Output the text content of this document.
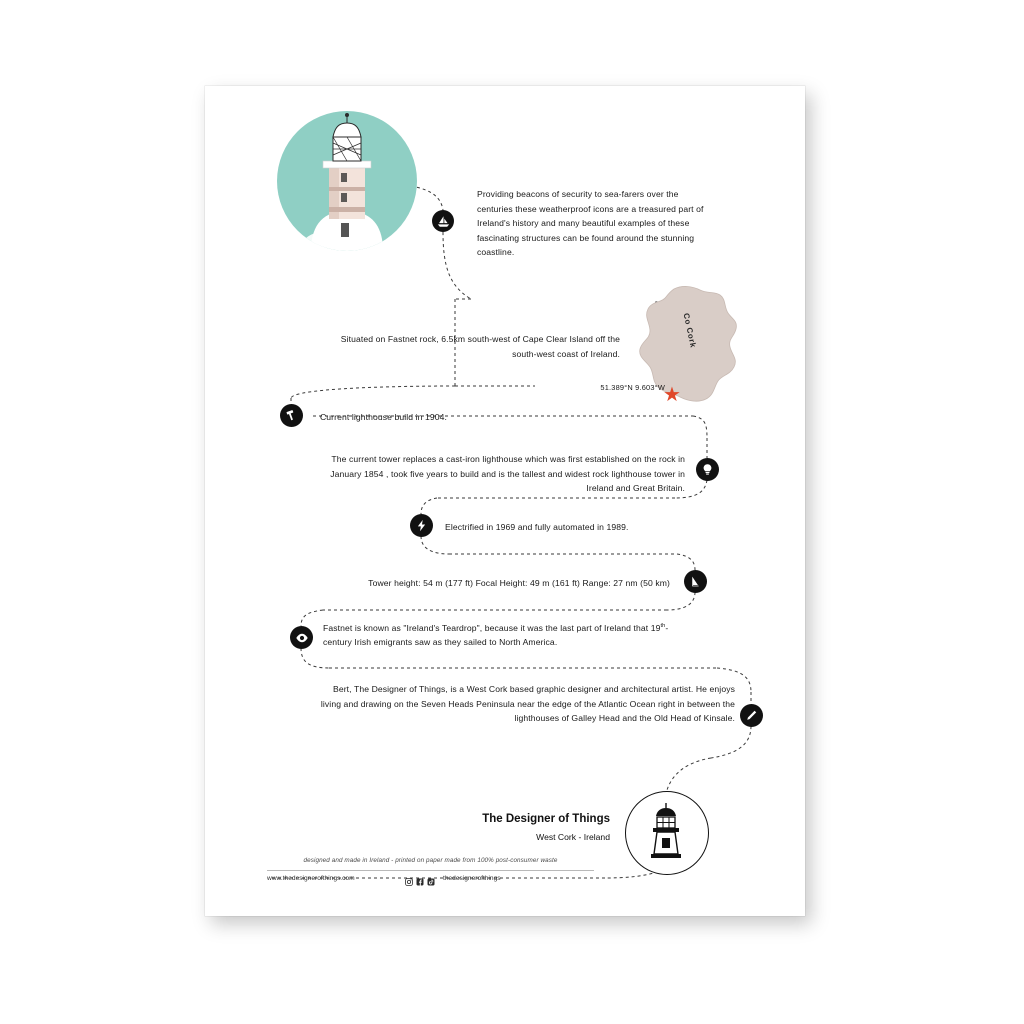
Providing beacons of security to sea-farers over the centuries these weatherproof icons are a treasured part of Ireland's history and many beautiful examples of these fascinating structures can be found around the stunning coastline.
Co Cork
★
Situated on Fastnet rock, 6.5km south-west of Cape Clear Island off the south-west coast of Ireland.
51.389°N 9.603°W
Current lighthouse build in 1904.
The current tower replaces a cast-iron lighthouse which was first established on the rock in January 1854 , took five years to build and is the tallest and widest rock lighthouse tower in Ireland and Great Britain.
Electrified in 1969 and fully automated in 1989.
Tower height: 54 m (177 ft) Focal Height: 49 m (161 ft) Range: 27 nm (50 km)
Fastnet is known as "Ireland's Teardrop", because it was the last part of Ireland that 19th-century Irish emigrants saw as they sailed to North America.
Bert, The Designer of Things, is a West Cork based graphic designer and architectural artist. He enjoys living and drawing on the Seven Heads Peninsula near the edge of the Atlantic Ocean right in between the lighthouses of Galley Head and the Old Head of Kinsale.
The Designer of Things
West Cork - Ireland
designed and made in Ireland - printed on paper made from 100% post-consumer waste
www.thedesignerofthings.com	thedesignerofthings
